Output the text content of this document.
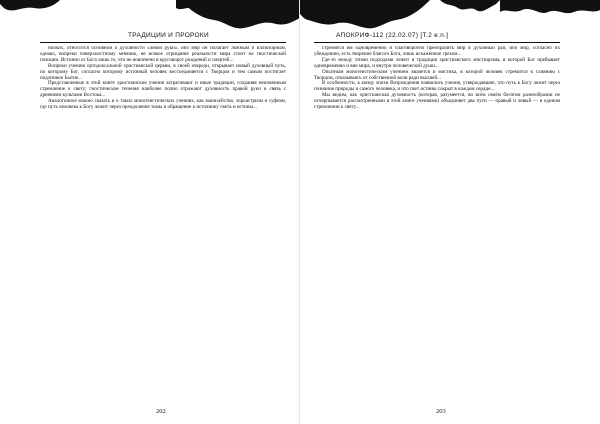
ТРАДИЦИИ И ПРОРОКИ

низких, относится основном к духовности «левой руки», ибо мир он полагает ложным и иллюзорным, однако, вопреки поверхностному мнению, не всякое отрицание реальности мира стоит на гностической позиции. Истинно от Бога лишь то, что не вовлечено в круговорот рождений и смертей...

Вопреки учению ортодоксальной христианской церкви, в своей очереди, открывает новый духовный путь, по которому Бог, согласно которому истинный человек воссоединяется с Творцом и тем самым постигает подлинное Бытие...

Представленные в этой книге христианские учения затрагивают и иные традиции, сохраняя неизменным стремление к свету; гностические течения наиболее полно отражают духовность правой руки и связь с древними культами Востока...

Аналогичное можно сказать и о таких монотеистических учениях, как манихейство, зороастризм и суфизм, где путь человека к Богу лежит через преодоление тьмы и обращение к источнику света и истины...

202
АПОКРИФ-112 (22.02.07) [Т.2 е.п.]

стремятся им одновременно и благоворотно преобразить мир в духовный рай, ибо мир, согласно их убеждению, есть творение благого Бога, лишь искажённое грехом...

Где-то между этими подходами лежит и традиция христианского мистицизма, в которой Бог пребывает одновременно и вне мира, и внутри человеческой души...

Опытным монотеистическим учением является и мистика, в которой человек стремится к слиянию с Творцом, отказываясь от собственной воли ради высшей...

В особенности, к концу эпохи Возрождения появились учения, утверждавшие, что путь к Богу лежит через познание природы и самого человека, и что свет истины сокрыт в каждом сердце...

Мы видим, как христианская духовность (которая, разумеется, во всём своём богатом разнообразии не исчерпывается рассмотренными в этой книге учениями) объединяет два пути — правый и левый — в едином стремлении к свету...

203
